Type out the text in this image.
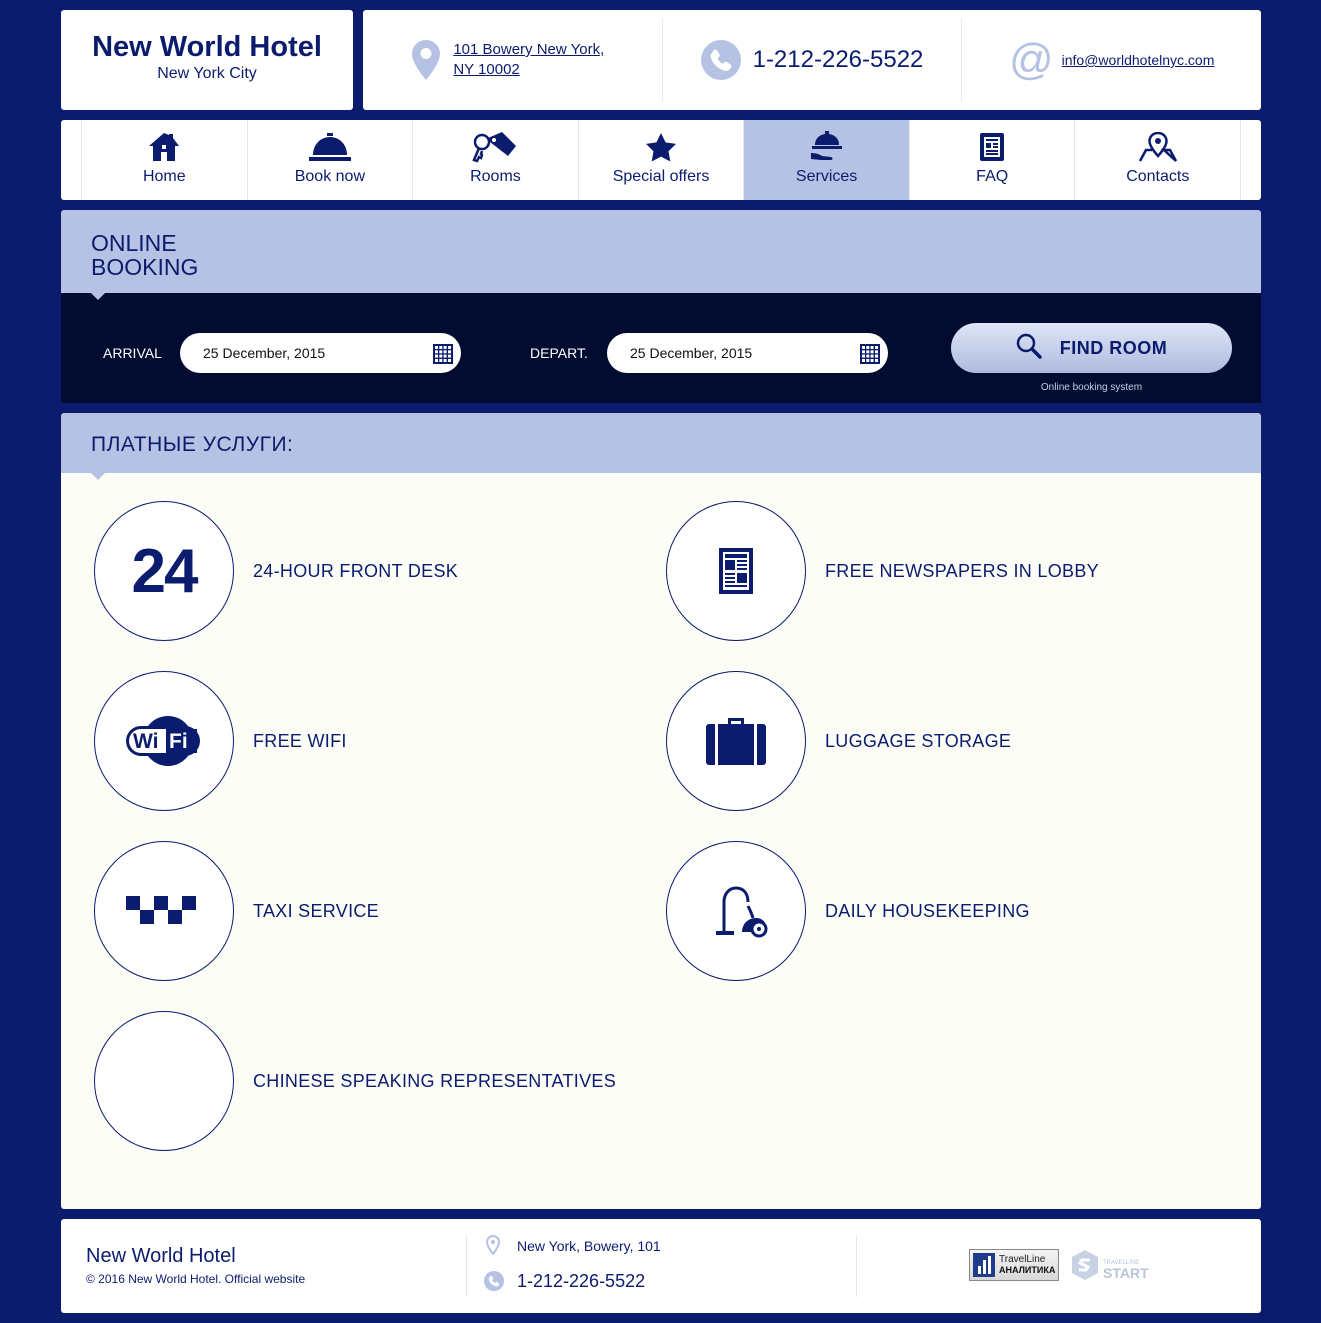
New World Hotel
New York City
101 Bowery New York,
NY 10002	1-212-226-5522 @ info@worldhotelnyc.com
Home	Book now	Rooms	Special offers	Services	FAQ	Contacts
ONLINE
BOOKING
ARRIVAL	25 December, 2015	DEPART.	25 December, 2015	FIND ROOM
Online booking system
ПЛАТНЫЕ УСЛУГИ:
24	24-HOUR FRONT DESK	FREE NEWSPAPERS IN LOBBY
Wi Fi	FREE WIFI	LUGGAGE STORAGE
TAXI SERVICE	DAILY HOUSEKEEPING
CHINESE SPEAKING REPRESENTATIVES
New World Hotel
© 2016 New World Hotel. Official website
New York, Bowery, 101
1-212-226-5522
TravelLine
АНАЛИТИКА
TRAVELLINE
START
